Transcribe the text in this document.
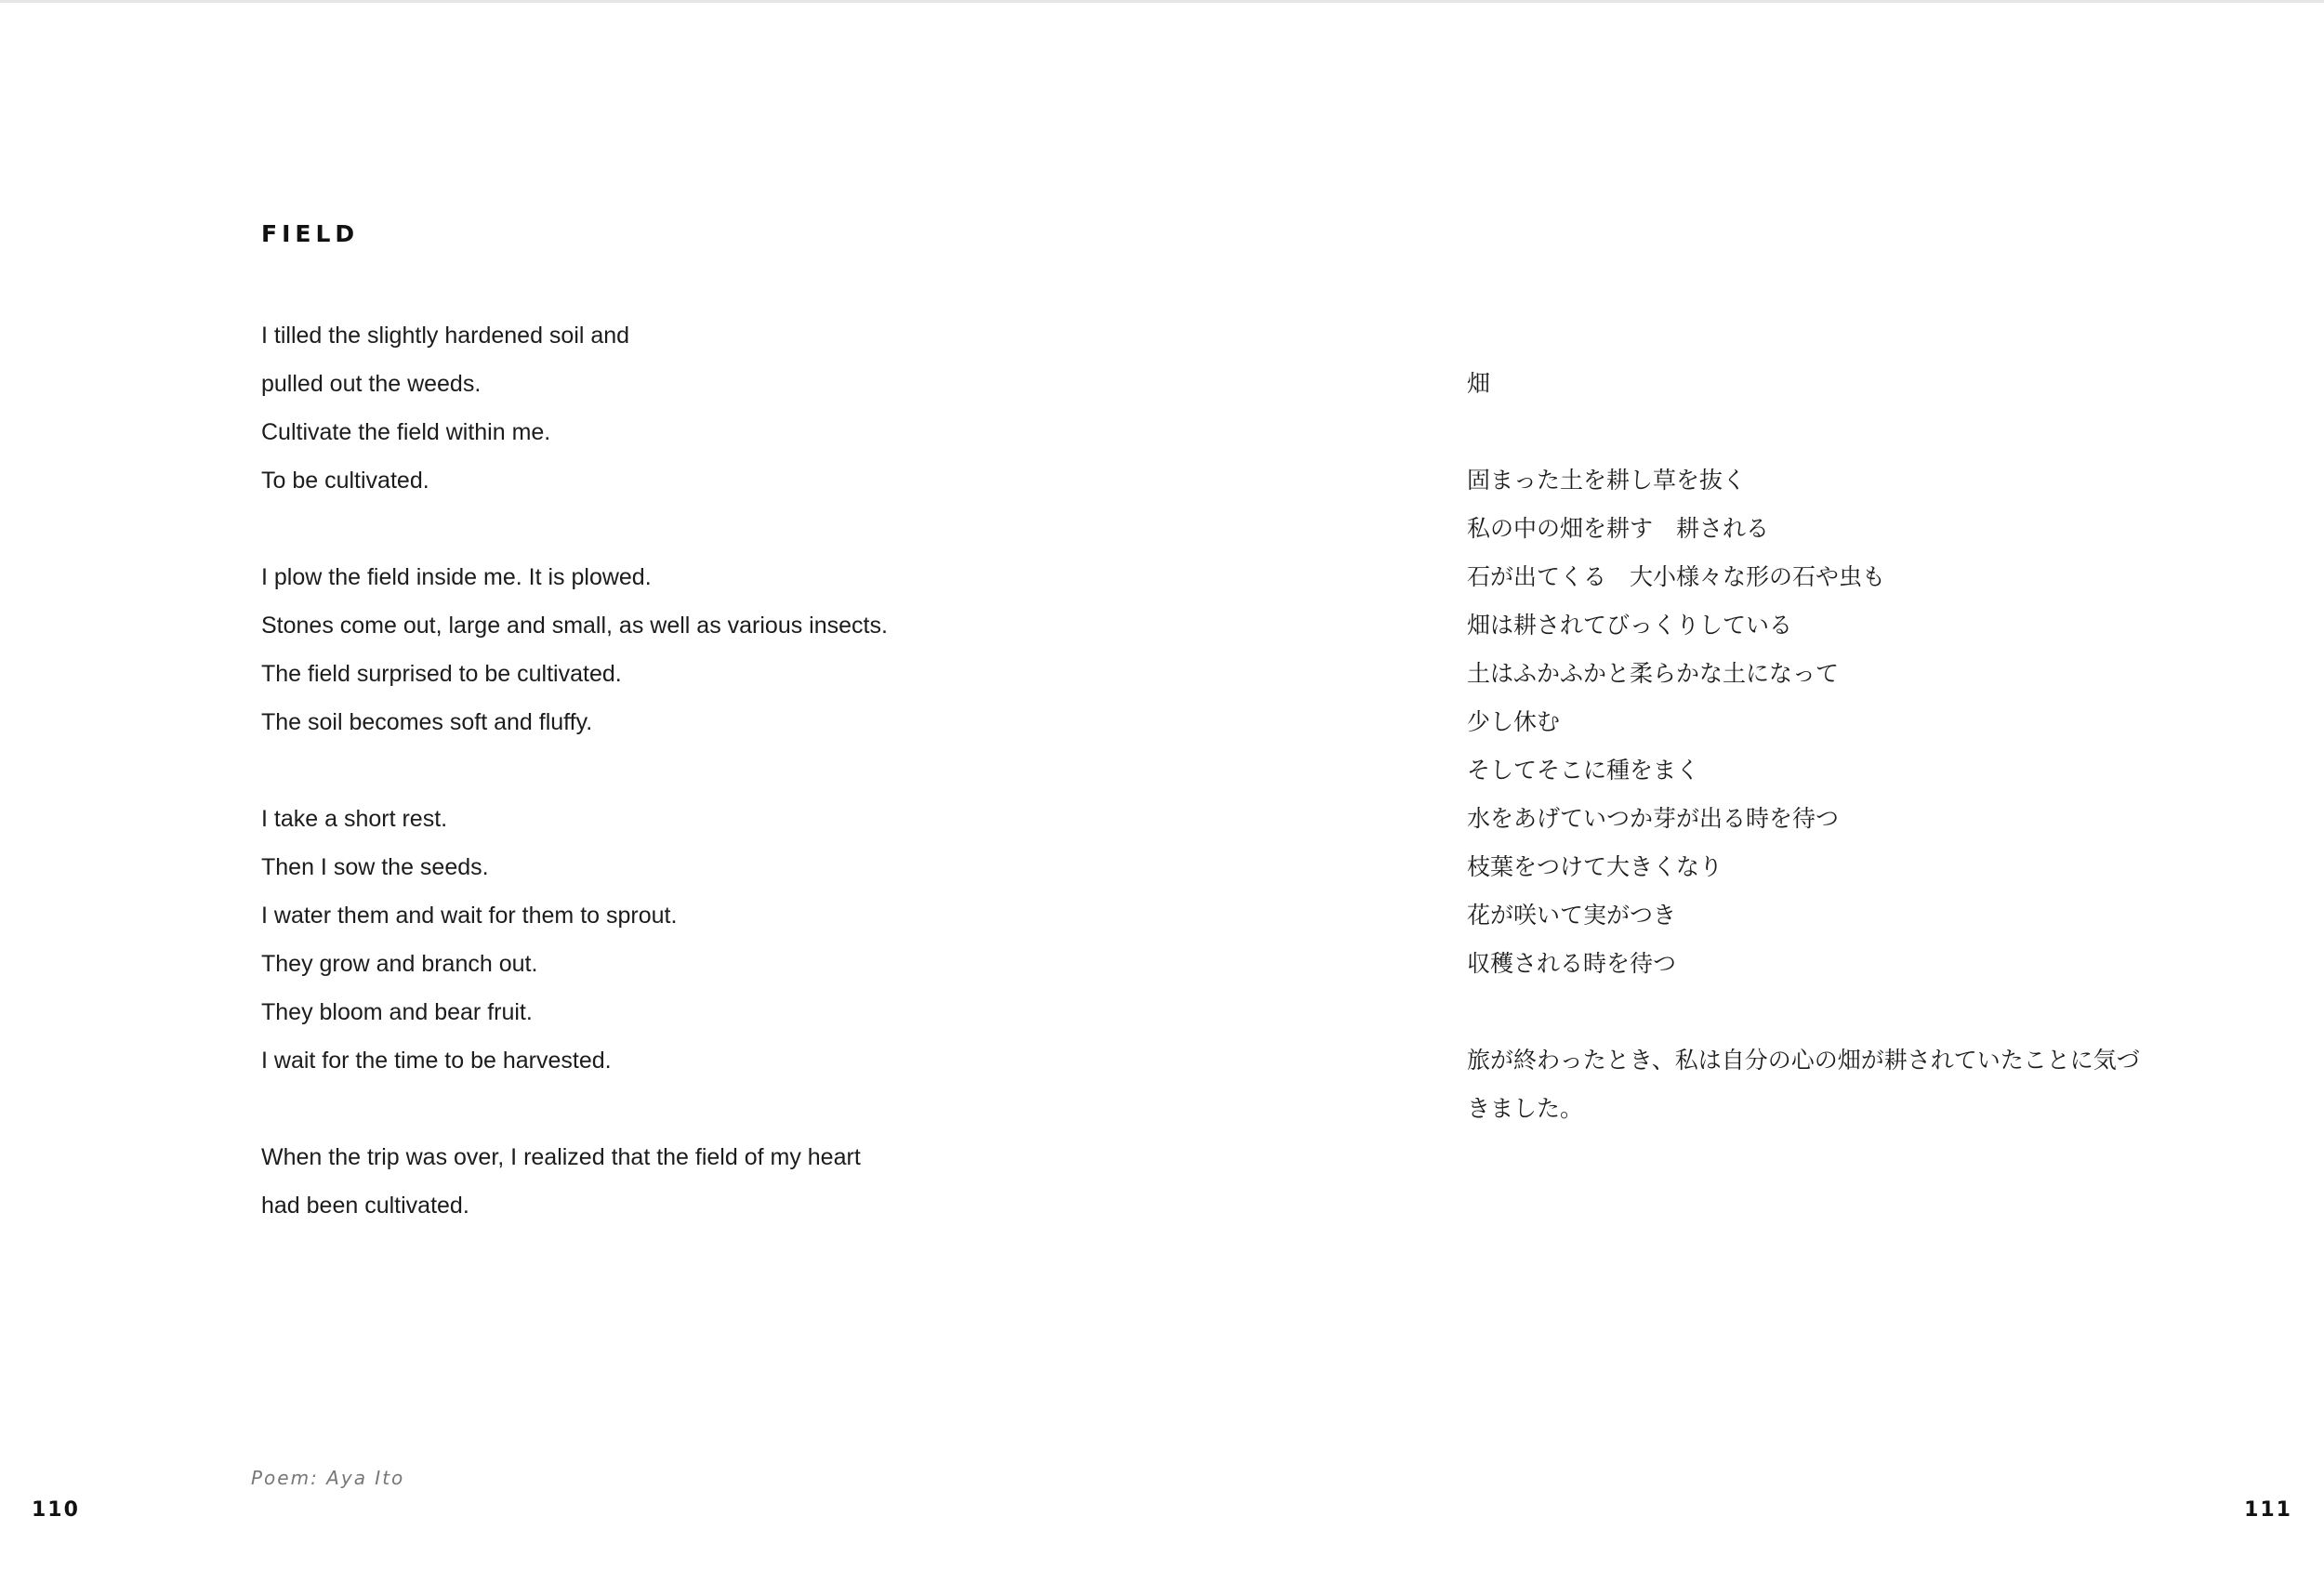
FIELD
I tilled the slightly hardened soil and
pulled out the weeds.
Cultivate the field within me.
To be cultivated.
I plow the field inside me. It is plowed.
Stones come out, large and small, as well as various insects.
The field surprised to be cultivated.
The soil becomes soft and fluffy.
I take a short rest.
Then I sow the seeds.
I water them and wait for them to sprout.
They grow and branch out.
They bloom and bear fruit.
I wait for the time to be harvested.
When the trip was over, I realized that the field of my heart
had been cultivated.
畑
固まった土を耕し草を抜く
私の中の畑を耕す　耕される
石が出てくる　大小様々な形の石や虫も
畑は耕されてびっくりしている
土はふかふかと柔らかな土になって
少し休む
そしてそこに種をまく
水をあげていつか芽が出る時を待つ
枝葉をつけて大きくなり
花が咲いて実がつき
収穫される時を待つ
旅が終わったとき、私は自分の心の畑が耕されていたことに気づ
きました。
Poem: Aya Ito
110	111
